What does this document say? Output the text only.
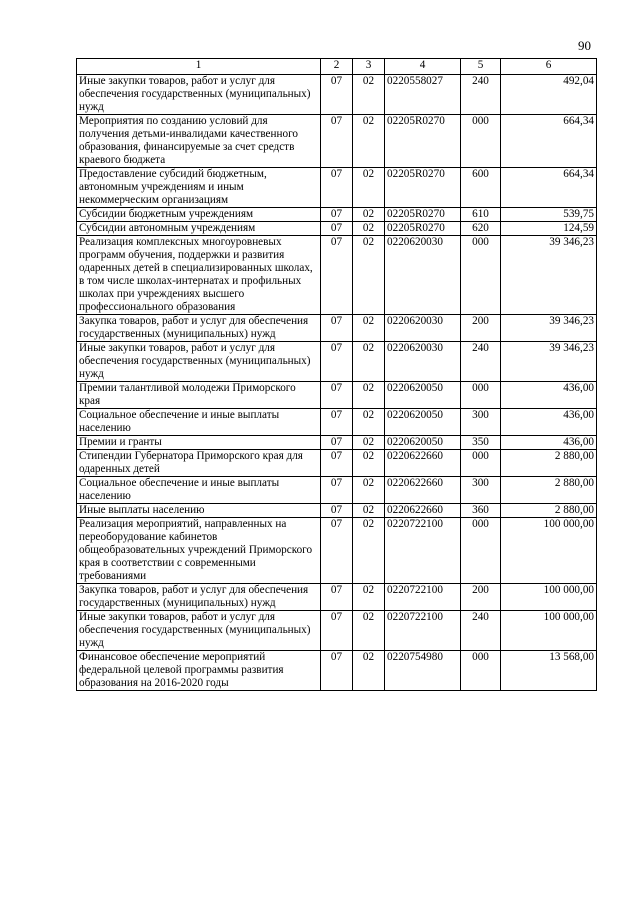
90
1	2	3	4	5	6
Иные закупки товаров, работ и услуг для обеспечения государственных (муниципальных) нужд	07	02	0220558027	240	492,04
Мероприятия по созданию условий для получения детьми-инвалидами качественного образования, финансируемые за счет средств краевого бюджета	07	02	02205R0270	000	664,34
Предоставление субсидий бюджетным, автономным учреждениям и иным некоммерческим организациям	07	02	02205R0270	600	664,34
Субсидии бюджетным учреждениям	07	02	02205R0270	610	539,75
Субсидии автономным учреждениям	07	02	02205R0270	620	124,59
Реализация комплексных многоуровневых программ обучения, поддержки и развития одаренных детей в специализированных школах, в том числе школах-интернатах и профильных школах при учреждениях высшего профессионального образования	07	02	0220620030	000	39 346,23
Закупка товаров, работ и услуг для обеспечения государственных (муниципальных) нужд	07	02	0220620030	200	39 346,23
Иные закупки товаров, работ и услуг для обеспечения государственных (муниципальных) нужд	07	02	0220620030	240	39 346,23
Премии талантливой молодежи Приморского края	07	02	0220620050	000	436,00
Социальное обеспечение и иные выплаты населению	07	02	0220620050	300	436,00
Премии и гранты	07	02	0220620050	350	436,00
Стипендии Губернатора Приморского края для одаренных детей	07	02	0220622660	000	2 880,00
Социальное обеспечение и иные выплаты населению	07	02	0220622660	300	2 880,00
Иные выплаты населению	07	02	0220622660	360	2 880,00
Реализация мероприятий, направленных на переоборудование кабинетов общеобразовательных учреждений Приморского края в соответствии с современными требованиями	07	02	0220722100	000	100 000,00
Закупка товаров, работ и услуг для обеспечения государственных (муниципальных) нужд	07	02	0220722100	200	100 000,00
Иные закупки товаров, работ и услуг для обеспечения государственных (муниципальных) нужд	07	02	0220722100	240	100 000,00
Финансовое обеспечение мероприятий федеральной целевой программы развития образования на 2016-2020 годы	07	02	0220754980	000	13 568,00
